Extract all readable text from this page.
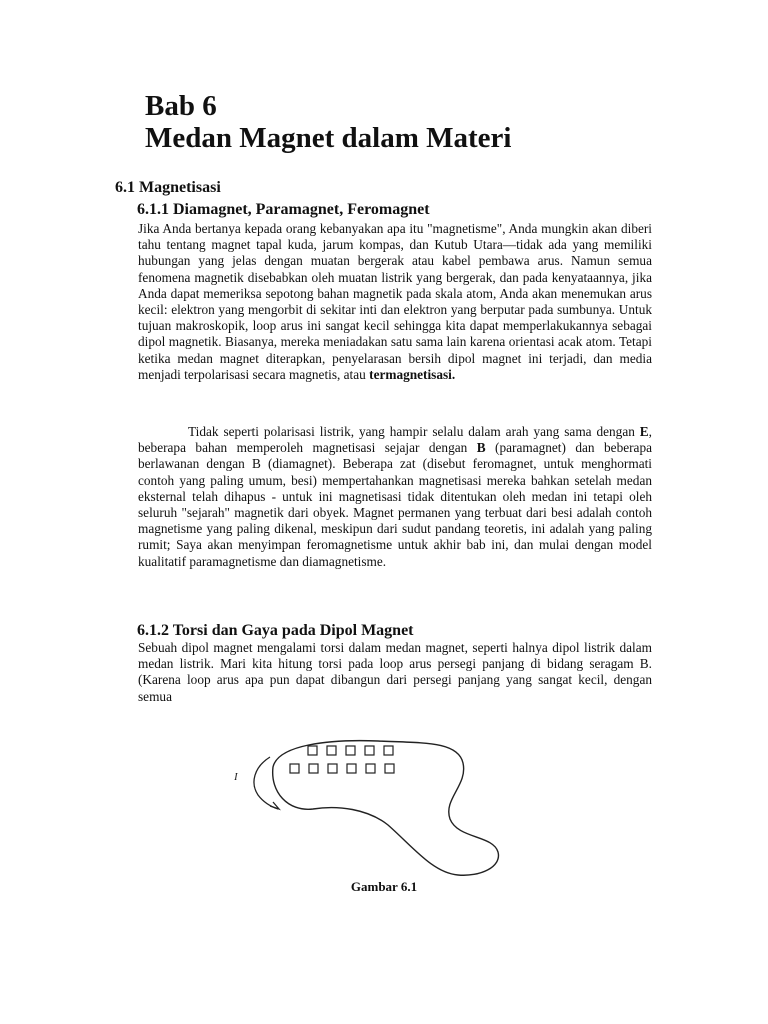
Bab 6
Medan Magnet dalam Materi
6.1 Magnetisasi
6.1.1 Diamagnet, Paramagnet, Feromagnet

Jika Anda bertanya kepada orang kebanyakan apa itu "magnetisme", Anda mungkin akan diberi tahu tentang magnet tapal kuda, jarum kompas, dan Kutub Utara—tidak ada yang memiliki hubungan yang jelas dengan muatan bergerak atau kabel pembawa arus. Namun semua fenomena magnetik disebabkan oleh muatan listrik yang bergerak, dan pada kenyataannya, jika Anda dapat memeriksa sepotong bahan magnetik pada skala atom, Anda akan menemukan arus kecil: elektron yang mengorbit di sekitar inti dan elektron yang berputar pada sumbunya. Untuk tujuan makroskopik, loop arus ini sangat kecil sehingga kita dapat memperlakukannya sebagai dipol magnetik. Biasanya, mereka meniadakan satu sama lain karena orientasi acak atom. Tetapi ketika medan magnet diterapkan, penyelarasan bersih dipol magnet ini terjadi, dan media menjadi terpolarisasi secara magnetis, atau termagnetisasi.

Tidak seperti polarisasi listrik, yang hampir selalu dalam arah yang sama dengan E, beberapa bahan memperoleh magnetisasi sejajar dengan B (paramagnet) dan beberapa berlawanan dengan B (diamagnet). Beberapa zat (disebut feromagnet, untuk menghormati contoh yang paling umum, besi) mempertahankan magnetisasi mereka bahkan setelah medan eksternal telah dihapus - untuk ini magnetisasi tidak ditentukan oleh medan ini tetapi oleh seluruh "sejarah" magnetik dari obyek. Magnet permanen yang terbuat dari besi adalah contoh magnetisme yang paling dikenal, meskipun dari sudut pandang teoretis, ini adalah yang paling rumit; Saya akan menyimpan feromagnetisme untuk akhir bab ini, dan mulai dengan model kualitatif paramagnetisme dan diamagnetisme.

6.1.2 Torsi dan Gaya pada Dipol Magnet

Sebuah dipol magnet mengalami torsi dalam medan magnet, seperti halnya dipol listrik dalam medan listrik. Mari kita hitung torsi pada loop arus persegi panjang di bidang seragam B. (Karena loop arus apa pun dapat dibangun dari persegi panjang yang sangat kecil, dengan semua

I
Gambar 6.1
